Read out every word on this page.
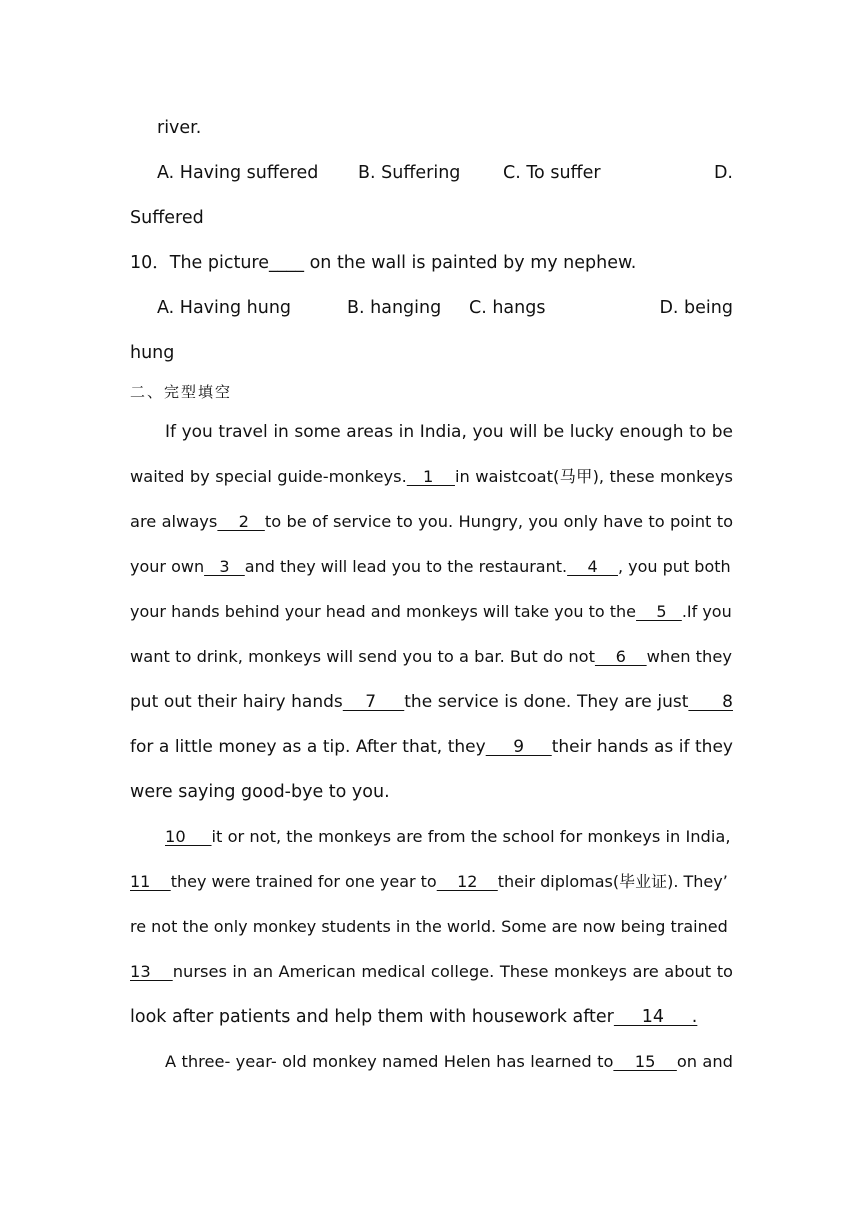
river.
A. Having suffered B. Suffering C. To suffer	D.
Suffered
10．The picture____ on the wall is painted by my nephew.
A. Having hung	B. hanging C. hangs	D. being
hung
二、完型填空
If you travel in some areas in India, you will be lucky enough to be
waited by special guide-monkeys.   1    in waistcoat(马甲), these monkeys
are always    2   to be of service to you. Hungry, you only have to point to
your own   3   and they will lead you to the restaurant.    4    , you put both
your hands behind your head and monkeys will take you to the    5   .If you
want to drink, monkeys will send you to a bar. But do not    6    when they
put out their hairy hands    7     the service is done. They are just      8
for a little money as a tip. After that, they     9     their hands as if they
were saying good-bye to you.
10     it or not, the monkeys are from the school for monkeys in India,
11    they were trained for one year to    12    their diplomas(毕业证). They’
re not the only monkey students in the world. Some are now being trained
13    nurses in an American medical college. These monkeys are about to
look after patients and help them with housework after     14     .
A three- year- old monkey named Helen has learned to    15    on and
